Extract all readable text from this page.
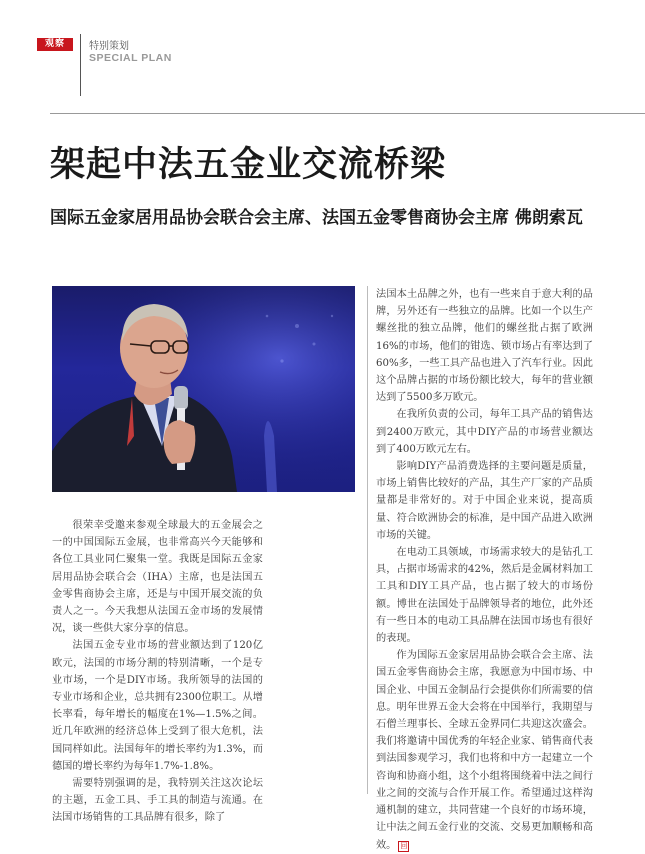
观察	特别策划
SPECIAL PLAN
架起中法五金业交流桥梁
国际五金家居用品协会联合会主席、法国五金零售商协会主席 佛朗索瓦

很荣幸受邀来参观全球最大的五金展会之一的中国国际五金展，也非常高兴今天能够和各位工具业同仁聚集一堂。我既是国际五金家居用品协会联合会（IHA）主席，也是法国五金零售商协会主席，还是与中国开展交流的负责人之一。今天我想从法国五金市场的发展情况，谈一些供大家分享的信息。

法国五金专业市场的营业额达到了120亿欧元，法国的市场分割的特别清晰，一个是专业市场，一个是DIY市场。我所领导的法国的专业市场和企业，总共拥有2300位职工。从增长率看，每年增长的幅度在1%—1.5%之间。近几年欧洲的经济总体上受到了很大危机，法国同样如此。法国每年的增长率约为1.3%，而德国的增长率约为每年1.7%-1.8%。

需要特别强调的是，我特别关注这次论坛的主题，五金工具、手工具的制造与流通。在法国市场销售的工具品牌有很多，除了

法国本土品牌之外，也有一些来自于意大利的品牌，另外还有一些独立的品牌。比如一个以生产螺丝批的独立品牌，他们的螺丝批占据了欧洲16%的市场，他们的钳选、锁市场占有率达到了60%多，一些工具产品也进入了汽车行业。因此这个品牌占据的市场份额比较大，每年的营业额达到了5500多万欧元。

在我所负责的公司，每年工具产品的销售达到2400万欧元，其中DIY产品的市场营业额达到了400万欧元左右。

影响DIY产品消费选择的主要问题是质量，市场上销售比较好的产品，其生产厂家的产品质量都是非常好的。对于中国企业来说，提高质量、符合欧洲协会的标准，是中国产品进入欧洲市场的关键。

在电动工具领域，市场需求较大的是钻孔工具，占据市场需求的42%，然后是金属材料加工工具和DIY工具产品，也占据了较大的市场份额。博世在法国处于品牌领导者的地位，此外还有一些日本的电动工具品牌在法国市场也有很好的表现。

作为国际五金家居用品协会联合会主席、法国五金零售商协会主席，我愿意为中国市场、中国企业、中国五金制品行会提供你们所需要的信息。明年世界五金大会将在中国举行，我期望与石僧兰理事长、全球五金界同仁共迎这次盛会。我们将邀请中国优秀的年轻企业家、销售商代表到法国参观学习，我们也将和中方一起建立一个咨询和协商小组，这个小组将围绕着中法之间行业之间的交流与合作开展工作。希望通过这样沟通机制的建立，共同营建一个良好的市场环境，让中法之间五金行业的交流、交易更加顺畅和高效。 回
